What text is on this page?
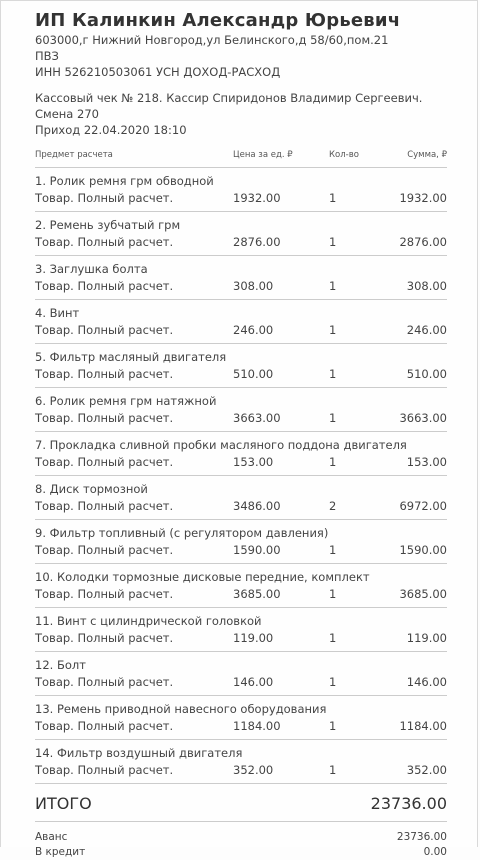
ИП Калинкин Александр Юрьевич
603000,г Нижний Новгород,ул Белинского,д 58/60,пом.21
ПВЗ
ИНН 526210503061 УСН ДОХОД-РАСХОД
Кассовый чек № 218. Кассир Спиридонов Владимир Сергеевич.
Смена 270
Приход 22.04.2020 18:10
Предмет расчета	Цена за ед. ₽	Кол-во	Сумма, ₽
1. Ролик ремня грм обводной
Товар. Полный расчет.	1932.00	1	1932.00
2. Ремень зубчатый грм
Товар. Полный расчет.	2876.00	1	2876.00
3. Заглушка болта
Товар. Полный расчет.	308.00	1	308.00
4. Винт
Товар. Полный расчет.	246.00	1	246.00
5. Фильтр масляный двигателя
Товар. Полный расчет.	510.00	1	510.00
6. Ролик ремня грм натяжной
Товар. Полный расчет.	3663.00	1	3663.00
7. Прокладка сливной пробки масляного поддона двигателя
Товар. Полный расчет.	153.00	1	153.00
8. Диск тормозной
Товар. Полный расчет.	3486.00	2	6972.00
9. Фильтр топливный (с регулятором давления)
Товар. Полный расчет.	1590.00	1	1590.00
10. Колодки тормозные дисковые передние, комплект
Товар. Полный расчет.	3685.00	1	3685.00
11. Винт с цилиндрической головкой
Товар. Полный расчет.	119.00	1	119.00
12. Болт
Товар. Полный расчет.	146.00	1	146.00
13. Ремень приводной навесного оборудования
Товар. Полный расчет.	1184.00	1	1184.00
14. Фильтр воздушный двигателя
Товар. Полный расчет.	352.00	1	352.00
ИТОГО	23736.00
Аванс	23736.00
В кредит	0.00
